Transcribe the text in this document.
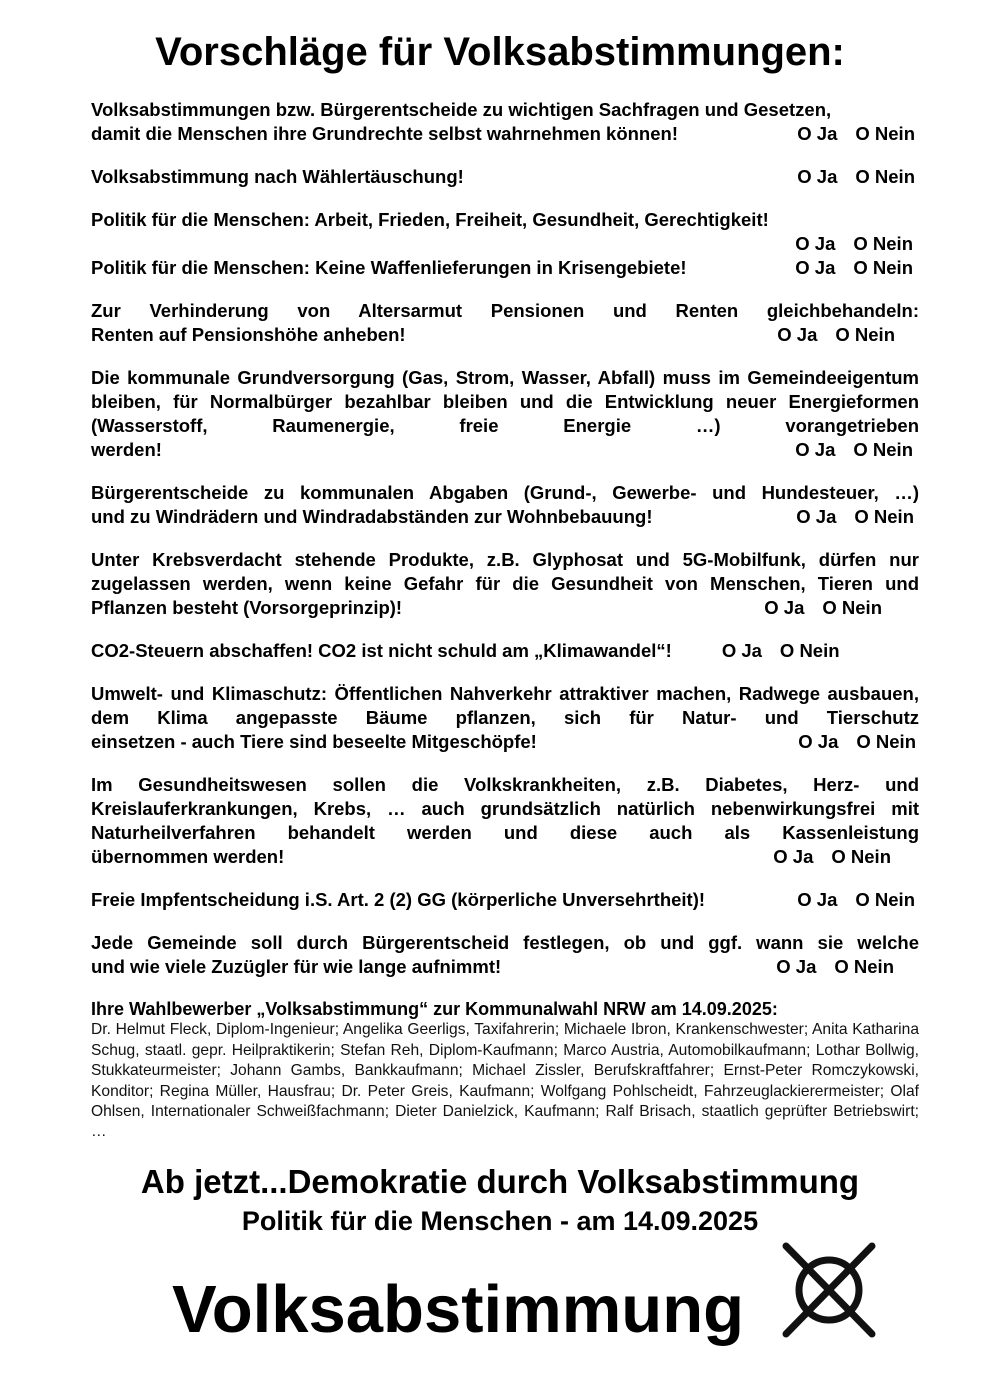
Vorschläge für Volksabstimmungen:
Volksabstimmungen bzw. Bürgerentscheide zu wichtigen Sachfragen und Gesetzen,
damit die Menschen ihre Grundrechte selbst wahrnehmen können!	O Ja O Nein
Volksabstimmung nach Wählertäuschung!	O Ja O Nein
Politik für die Menschen: Arbeit, Frieden, Freiheit, Gesundheit, Gerechtigkeit!
O Ja O Nein
Politik für die Menschen: Keine Waffenlieferungen in Krisengebiete!	O Ja O Nein
Zur Verhinderung von Altersarmut Pensionen und Renten gleichbehandeln:
Renten auf Pensionshöhe anheben!	O Ja O Nein
Die kommunale Grundversorgung (Gas, Strom, Wasser, Abfall) muss im Gemeindeeigentum bleiben, für Normalbürger bezahlbar bleiben und die Entwicklung neuer Energieformen (Wasserstoff, Raumenergie, freie Energie …) vorangetrieben
werden!	O Ja O Nein
Bürgerentscheide zu kommunalen Abgaben (Grund-, Gewerbe- und Hundesteuer, …)
und zu Windrädern und Windradabständen zur Wohnbebauung!	O Ja O Nein
Unter Krebsverdacht stehende Produkte, z.B. Glyphosat und 5G-Mobilfunk, dürfen nur zugelassen werden, wenn keine Gefahr für die Gesundheit von Menschen, Tieren und
Pflanzen besteht (Vorsorgeprinzip)!	O Ja O Nein
CO2-Steuern abschaffen! CO2 ist nicht schuld am „Klimawandel“!	O Ja O Nein
Umwelt- und Klimaschutz: Öffentlichen Nahverkehr attraktiver machen, Radwege ausbauen, dem Klima angepasste Bäume pflanzen, sich für Natur- und Tierschutz
einsetzen - auch Tiere sind beseelte Mitgeschöpfe!	O Ja O Nein
Im Gesundheitswesen sollen die Volkskrankheiten, z.B. Diabetes, Herz- und Kreislauferkrankungen, Krebs, … auch grundsätzlich natürlich nebenwirkungsfrei mit Naturheilverfahren behandelt werden und diese auch als Kassenleistung
übernommen werden!	O Ja O Nein
Freie Impfentscheidung i.S. Art. 2 (2) GG (körperliche Unversehrtheit)!	O Ja O Nein
Jede Gemeinde soll durch Bürgerentscheid festlegen, ob und ggf. wann sie welche
und wie viele Zuzügler für wie lange aufnimmt!	O Ja O Nein
Ihre Wahlbewerber „Volksabstimmung“ zur Kommunalwahl NRW am 14.09.2025:
Dr. Helmut Fleck, Diplom-Ingenieur; Angelika Geerligs, Taxifahrerin; Michaele Ibron, Krankenschwester; Anita Katharina Schug, staatl. gepr. Heilpraktikerin; Stefan Reh, Diplom-Kaufmann; Marco Austria, Automobilkaufmann; Lothar Bollwig, Stukkateurmeister; Johann Gambs, Bankkaufmann; Michael Zissler, Berufskraftfahrer; Ernst-Peter Romczykowski, Konditor; Regina Müller, Hausfrau; Dr. Peter Greis, Kaufmann; Wolfgang Pohlscheidt, Fahrzeuglackierermeister; Olaf Ohlsen, Internationaler Schweißfachmann; Dieter Danielzick, Kaufmann; Ralf Brisach, staatlich geprüfter Betriebswirt; …
Ab jetzt...Demokratie durch Volksabstimmung
Politik für die Menschen - am 14.09.2025
Volksabstimmung
